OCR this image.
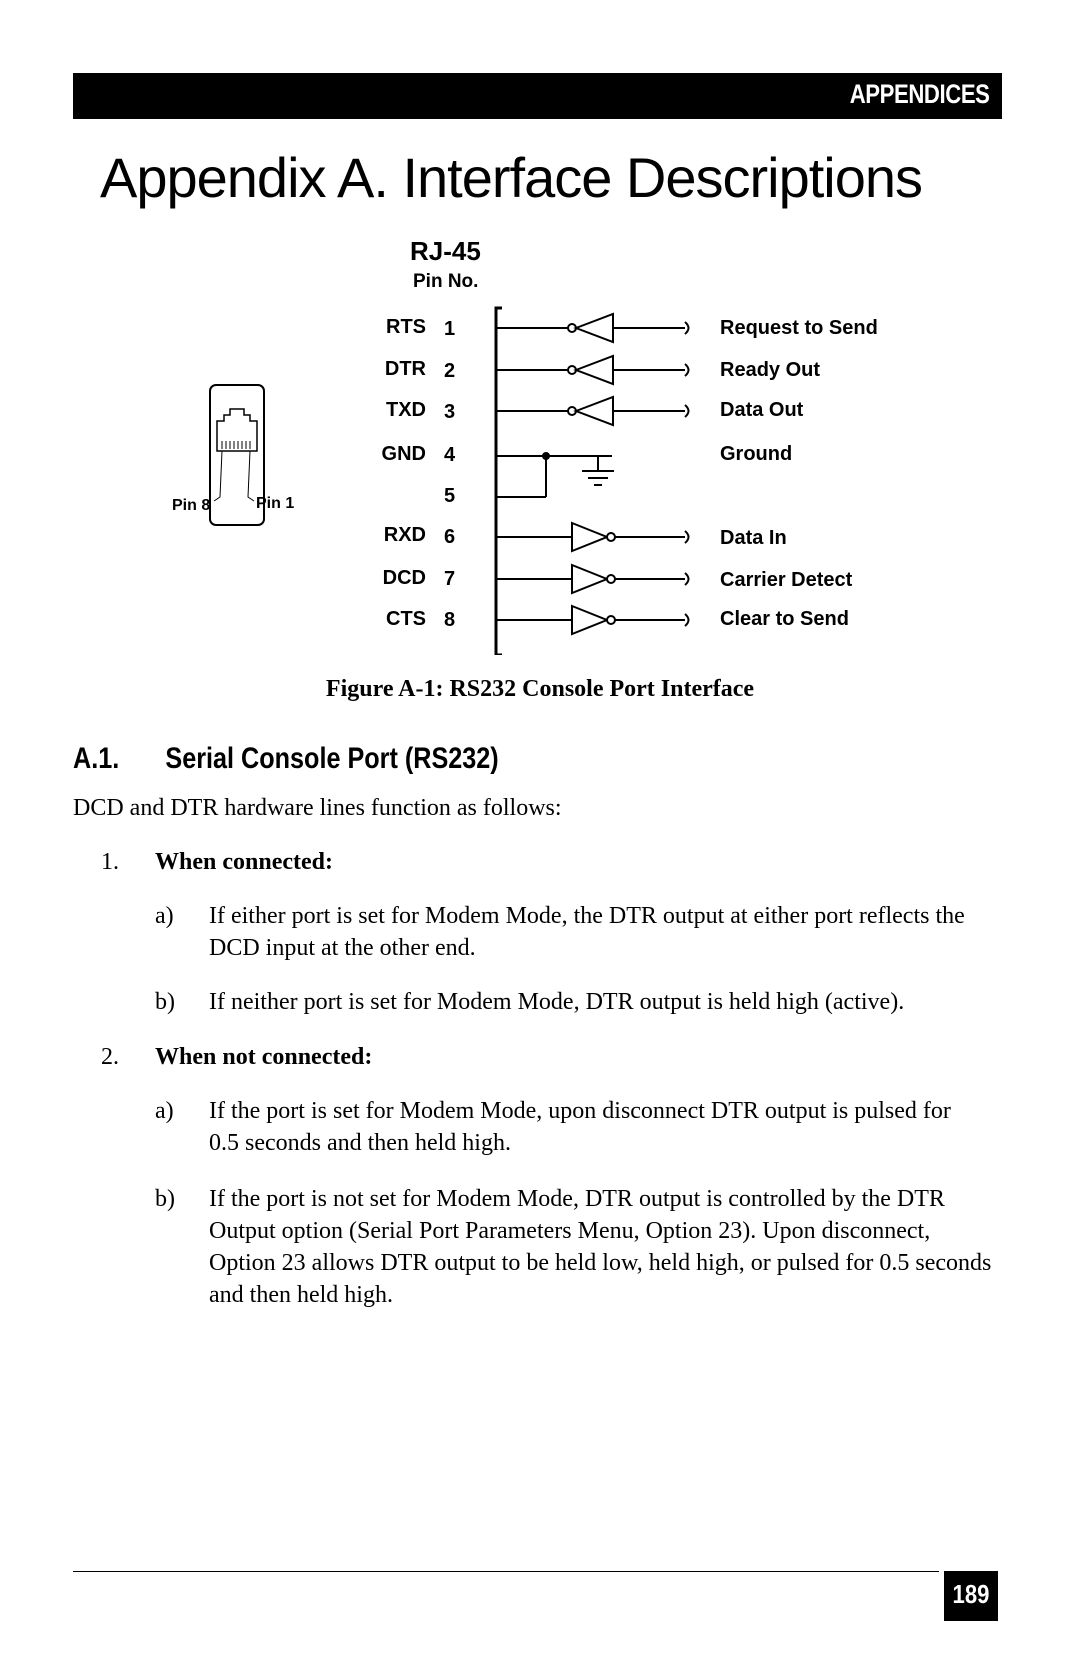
APPENDICES
Appendix A. Interface Descriptions
Pin 8	Pin 1
RJ-45
Pin No.
RTS
DTR
TXD
GND
RXD
DCD
CTS
1
2
3
4
5
6
7
8
Request to Send
Ready Out
Data Out
Ground
Data In
Carrier Detect
Clear to Send
Figure A-1: RS232 Console Port Interface
A.1. Serial Console Port (RS232)
DCD and DTR hardware lines function as follows:
1. When connected:
a) If either port is set for Modem Mode, the DTR output at either port reflects the DCD input at the other end.
b) If neither port is set for Modem Mode, DTR output is held high (active).
2. When not connected:
a) If the port is set for Modem Mode, upon disconnect DTR output is pulsed for 0.5 seconds and then held high.
b) If the port is not set for Modem Mode, DTR output is controlled by the DTR Output option (Serial Port Parameters Menu, Option 23). Upon disconnect, Option 23 allows DTR output to be held low, held high, or pulsed for 0.5 seconds and then held high.
189
